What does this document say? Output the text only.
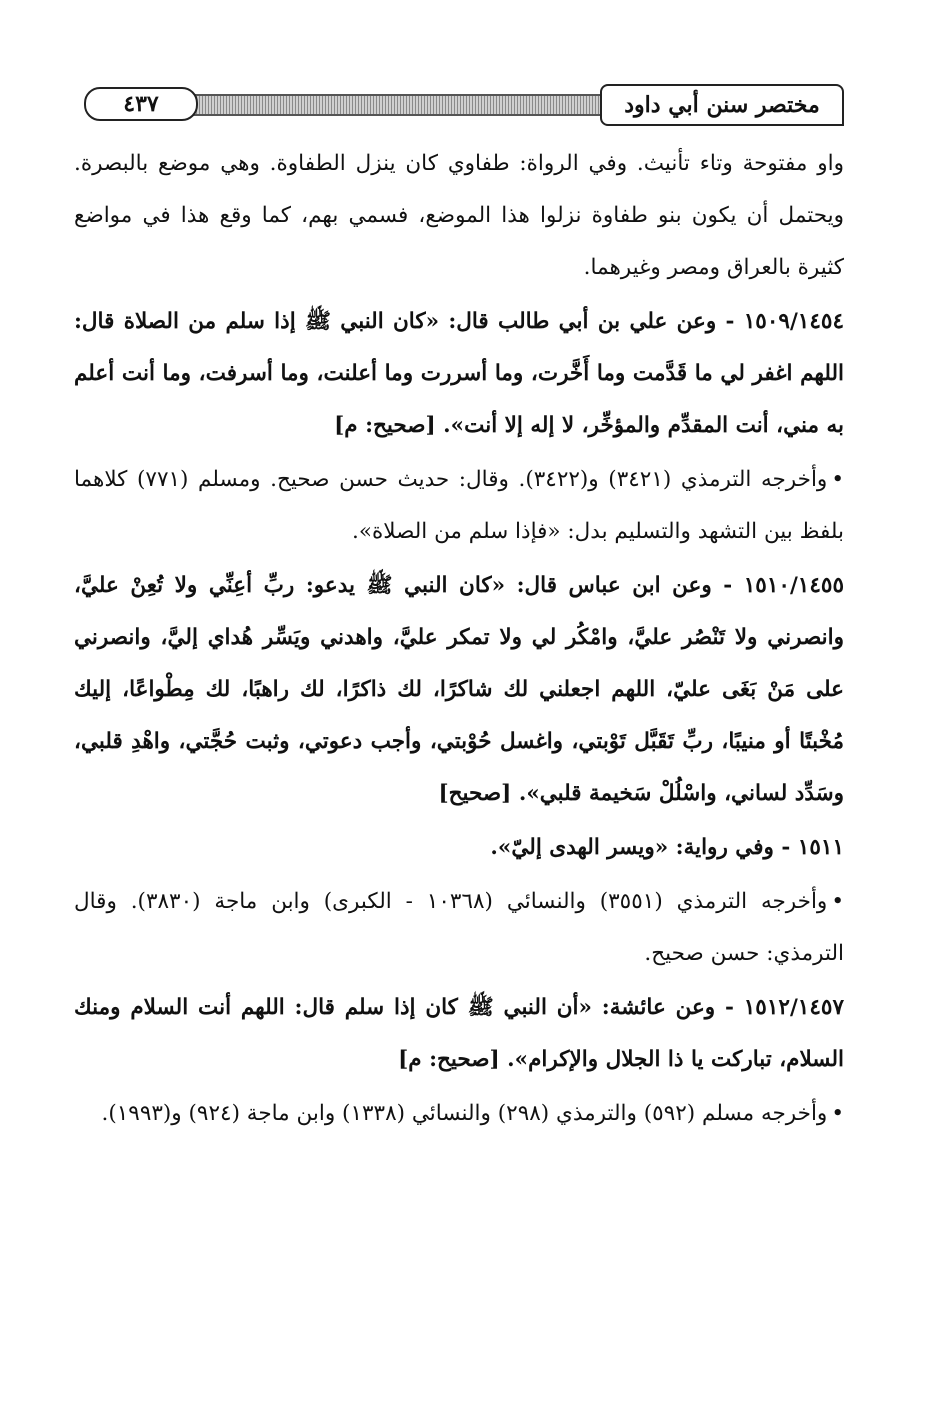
٤٣٧	مختصر سنن أبي داود

واو مفتوحة وتاء تأنيث. وفي الرواة: طفاوي كان ينزل الطفاوة. وهي موضع بالبصرة. ويحتمل أن يكون بنو طفاوة نزلوا هذا الموضع، فسمي بهم، كما وقع هذا في مواضع كثيرة بالعراق ومصر وغيرهما.

١٥٠٩/١٤٥٤ - وعن علي بن أبي طالب قال: «كان النبي ﷺ إذا سلم من الصلاة قال: اللهم اغفر لي ما قَدَّمت وما أَخَّرت، وما أسررت وما أعلنت، وما أسرفت، وما أنت أعلم به مني، أنت المقدِّم والمؤخِّر، لا إله إلا أنت». [صحيح: م]

•وأخرجه الترمذي (٣٤٢١) و(٣٤٢٢). وقال: حديث حسن صحيح. ومسلم (٧٧١) كلاهما بلفظ بين التشهد والتسليم بدل: «فإذا سلم من الصلاة».

١٥١٠/١٤٥٥ - وعن ابن عباس قال: «كان النبي ﷺ يدعو: ربِّ أعِنِّي ولا تُعِنْ عليَّ، وانصرني ولا تَنْصُر عليَّ، وامْكُر لي ولا تمكر عليَّ، واهدني ويَسِّر هُداي إليَّ، وانصرني على مَنْ بَغَى عليّ، اللهم اجعلني لك شاكرًا، لك ذاكرًا، لك راهبًا، لك مِطْواعًا، إليك مُخْبتًا أو منيبًا، ربِّ تَقَبَّل تَوْبتي، واغسل حُوْبتي، وأجب دعوتي، وثبت حُجَّتي، واهْدِ قلبي، وسَدِّد لساني، واسْلُلْ سَخيمة قلبي». [صحيح]

١٥١١ - وفي رواية: «ويسر الهدى إليّ».

•وأخرجه الترمذي (٣٥٥١) والنسائي (١٠٣٦٨ - الكبرى) وابن ماجة (٣٨٣٠). وقال الترمذي: حسن صحيح.

١٥١٢/١٤٥٧ - وعن عائشة: «أن النبي ﷺ كان إذا سلم قال: اللهم أنت السلام ومنك السلام، تباركت يا ذا الجلال والإكرام». [صحيح: م]

•وأخرجه مسلم (٥٩٢) والترمذي (٢٩٨) والنسائي (١٣٣٨) وابن ماجة (٩٢٤) و(١٩٩٣).
